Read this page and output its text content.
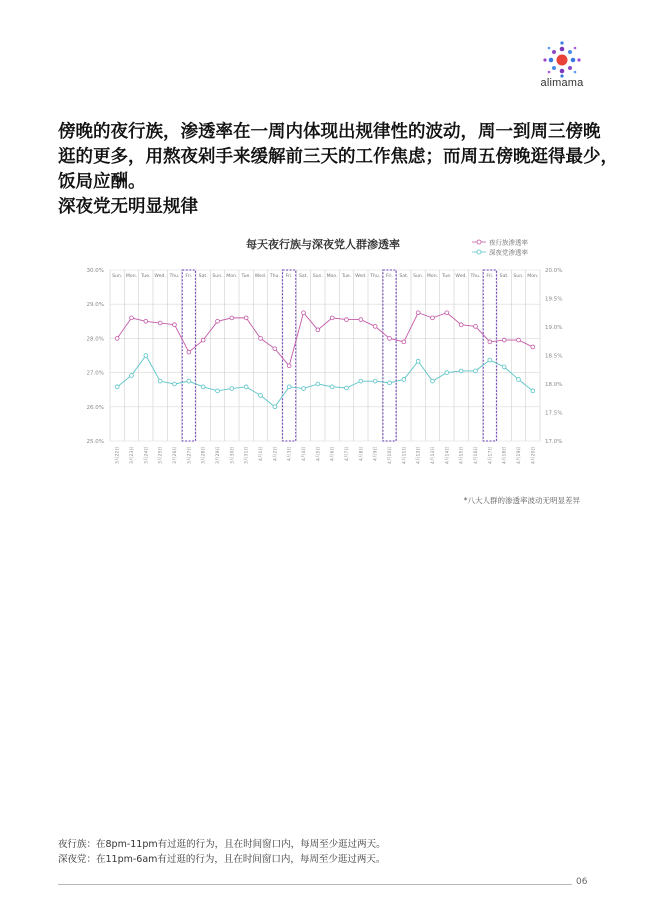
alimama

傍晚的夜行族，渗透率在一周内体现出规律性的波动，周一到周三傍晚

逛的更多，用熬夜剁手来缓解前三天的工作焦虑；而周五傍晚逛得最少，

饭局应酬。

深夜党无明显规律

每天夜行族与深夜党人群渗透率	夜行族渗透率
深夜党渗透率
25.0%
26.0%
27.0%
28.0%
29.0%
30.0%
17.0%
17.5%
18.0%
18.5%
19.0%
19.5%
20.0%
Sun.
3月22日
Mon.
3月23日
Tue.
3月24日
Wed.
3月25日
Thu.
3月26日
Fri.
3月27日
Sat.
3月28日
Sun.
3月29日
Mon.
3月30日
Tue.
3月31日
Wed.
4月1日
Thu.
4月2日
Fri.
4月3日
Sat.
4月4日
Sun.
4月5日
Mon.
4月6日
Tue.
4月7日
Wed.
4月8日
Thu.
4月9日
Fri.
4月10日
Sat.
4月11日
Sun.
4月12日
Mon.
4月13日
Tue.
4月14日
Wed.
4月15日
Thu.
4月16日
Fri.
4月17日
Sat.
4月18日
Sun.
4月19日
Mon.
4月20日
*八大人群的渗透率波动无明显差异

夜行族：在8pm-11pm有过逛的行为，且在时间窗口内，每周至少逛过两天。

深夜党：在11pm-6am有过逛的行为，且在时间窗口内，每周至少逛过两天。

06
